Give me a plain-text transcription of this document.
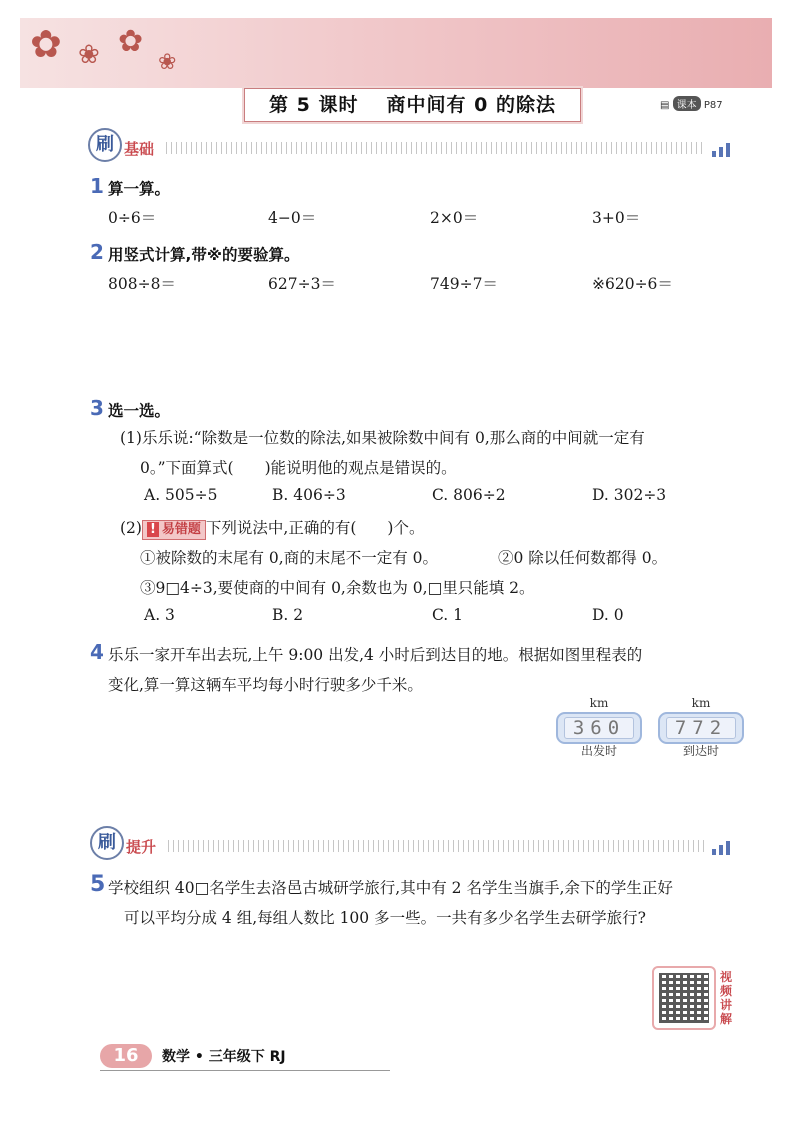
✿ ❀ ✿
❀
第 5 课时 商中间有 0 的除法	▤ 课本 P87
刷 基础
1 算一算。
0÷6＝	4−0＝	2×0＝	3+0＝
2 用竖式计算,带※的要验算。
808÷8＝	627÷3＝	749÷7＝	※620÷6＝
3 选一选。
(1)乐乐说:“除数是一位数的除法,如果被除数中间有 0,那么商的中间就一定有
0。”下面算式(　　)能说明他的观点是错误的。
A. 505÷5	B. 406÷3	C. 806÷2	D. 302÷3
(2) ! 易错题 下列说法中,正确的有(　　)个。
①被除数的末尾有 0,商的末尾不一定有 0。	②0 除以任何数都得 0。
③9□4÷3,要使商的中间有 0,余数也为 0,□里只能填 2。
A. 3	B. 2	C. 1	D. 0
4 乐乐一家开车出去玩,上午 9:00 出发,4 小时后到达目的地。根据如图里程表的
变化,算一算这辆车平均每小时行驶多少千米。
km
360
出发时
km
772
到达时
刷 提升
5 学校组织 40□名学生去洛邑古城研学旅行,其中有 2 名学生当旗手,余下的学生正好
可以平均分成 4 组,每组人数比 100 多一些。一共有多少名学生去研学旅行?
视频讲解
16	数学 • 三年级下 RJ
